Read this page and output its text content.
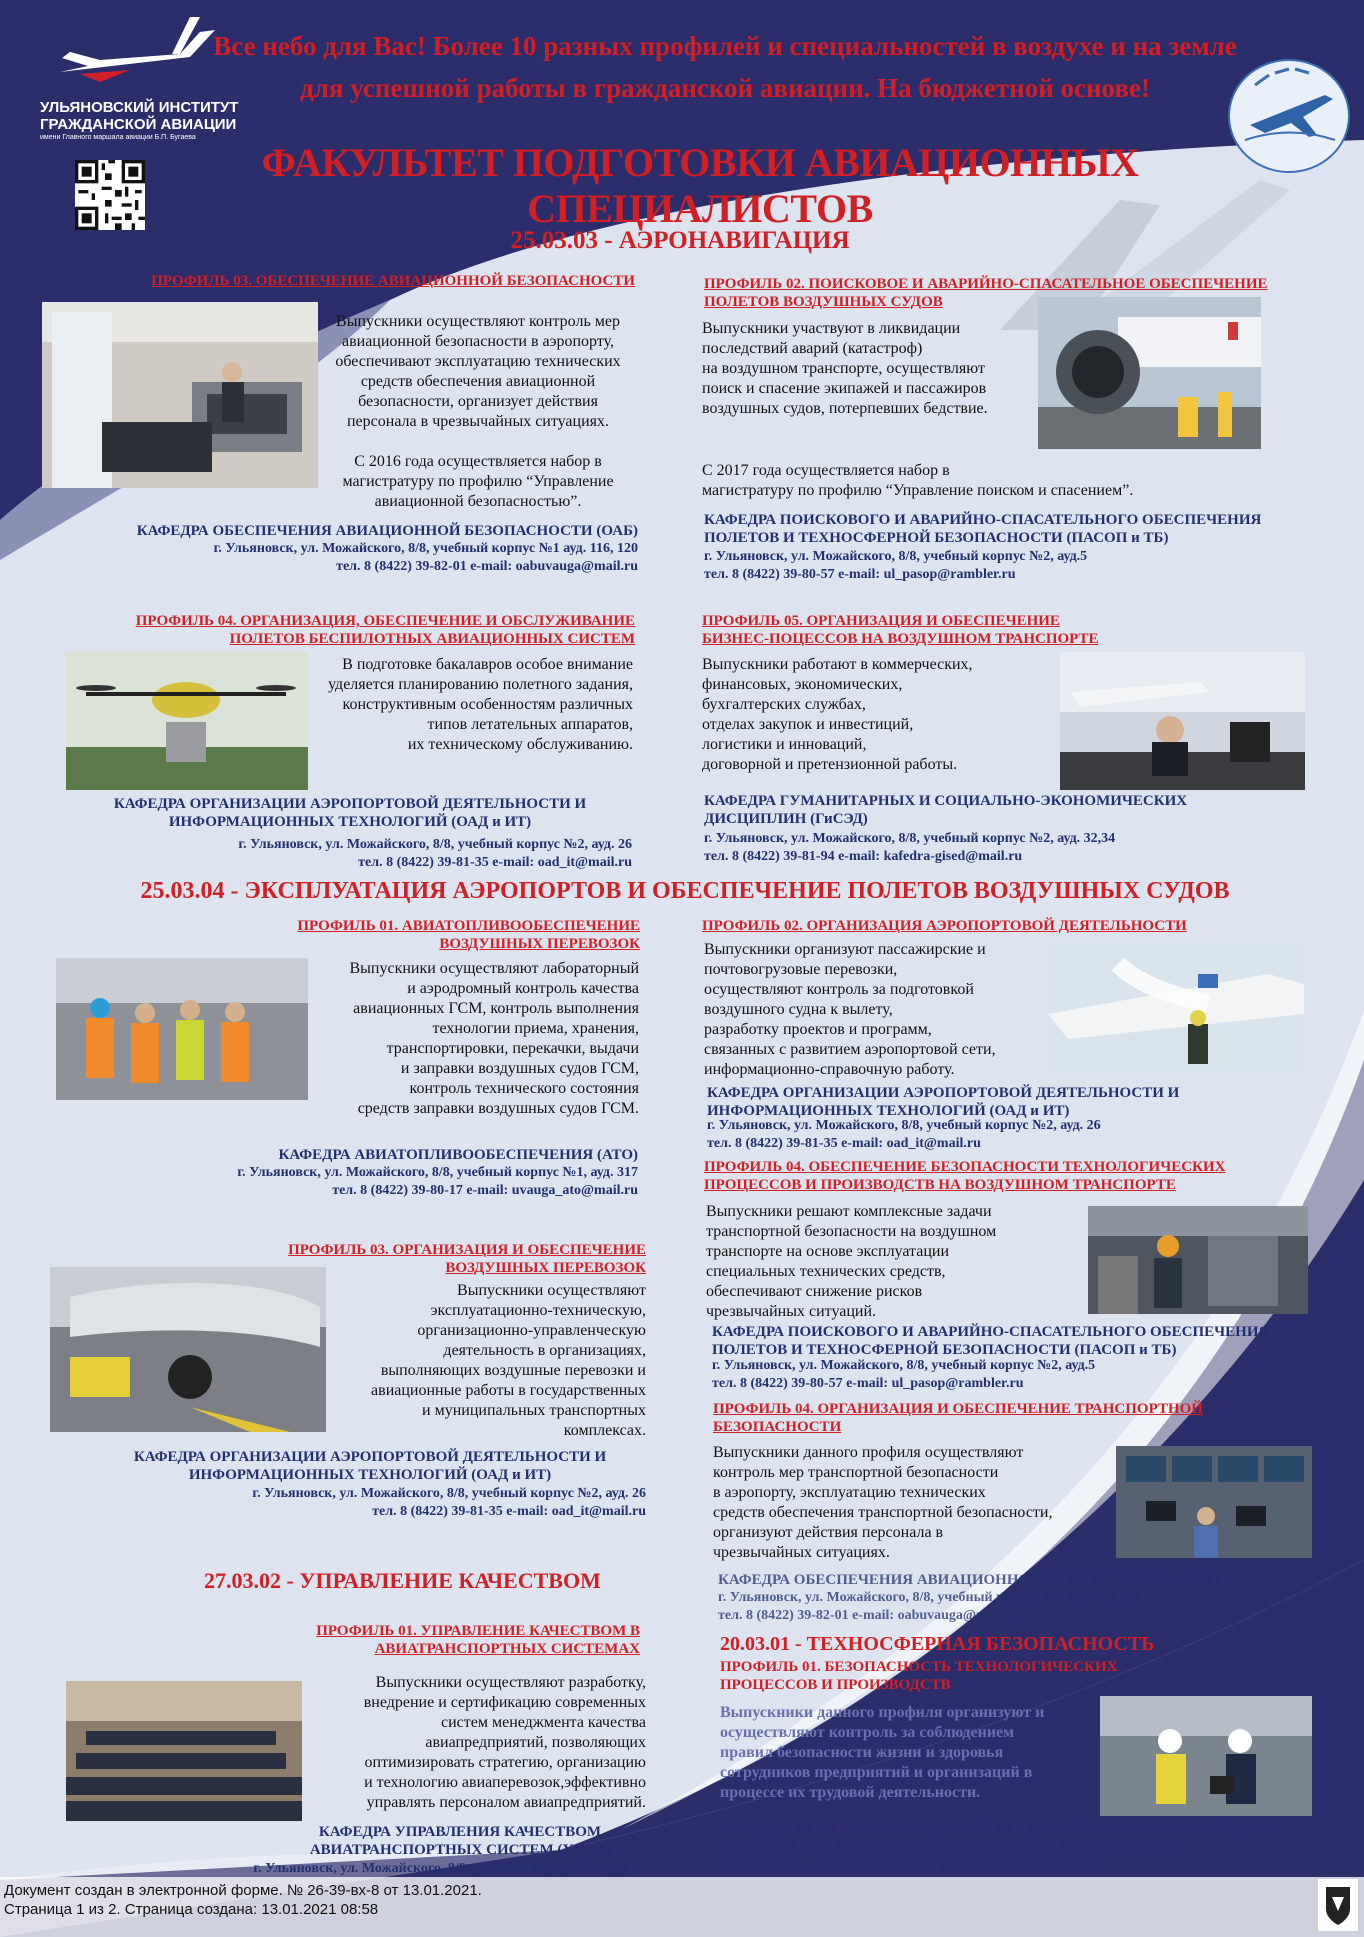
УЛЬЯНОВСКИЙ ИНСТИТУТ
ГРАЖДАНСКОЙ АВИАЦИИ
имени Главного маршала авиации Б.П. Бугаева
Все небо для Вас! Более 10 разных профилей и специальностей в воздухе и на земле
для успешной работы в гражданской авиации. На бюджетной основе!
ФАКУЛЬТЕТ ПОДГОТОВКИ АВИАЦИОННЫХ СПЕЦИАЛИСТОВ
25.03.03 - АЭРОНАВИГАЦИЯ
ПРОФИЛЬ 03. ОБЕСПЕЧЕНИЕ АВИАЦИОННОЙ БЕЗОПАСНОСТИ
Выпускники осуществляют контроль мер
авиационной безопасности в аэропорту,
обеспечивают эксплуатацию технических
средств обеспечения авиационной
безопасности, организует действия
персонала в чрезвычайных ситуациях.

С 2016 года осуществляется набор в
магистратуру по профилю “Управление
авиационной безопасностью”.
КАФЕДРА ОБЕСПЕЧЕНИЯ АВИАЦИОННОЙ БЕЗОПАСНОСТИ (ОАБ)
г. Ульяновск, ул. Можайского, 8/8, учебный корпус №1 ауд. 116, 120
тел. 8 (8422) 39-82-01 e-mail: oabuvauga@mail.ru
ПРОФИЛЬ 02. ПОИСКОВОЕ И АВАРИЙНО-СПАСАТЕЛЬНОЕ ОБЕСПЕЧЕНИЕ
ПОЛЕТОВ ВОЗДУШНЫХ СУДОВ
Выпускники участвуют в ликвидации
последствий аварий (катастроф)
на воздушном транспорте, осуществляют
поиск и спасение экипажей и пассажиров
воздушных судов, потерпевших бедствие.
С 2017 года осуществляется набор в
магистратуру по профилю “Управление поиском и спасением”.
КАФЕДРА ПОИСКОВОГО И АВАРИЙНО-СПАСАТЕЛЬНОГО ОБЕСПЕЧЕНИЯ
ПОЛЕТОВ И ТЕХНОСФЕРНОЙ БЕЗОПАСНОСТИ (ПАСОП и ТБ)
г. Ульяновск, ул. Можайского, 8/8, учебный корпус №2, ауд.5
тел. 8 (8422) 39-80-57 e-mail: ul_pasop@rambler.ru
ПРОФИЛЬ 04. ОРГАНИЗАЦИЯ, ОБЕСПЕЧЕНИЕ И ОБСЛУЖИВАНИЕ
ПОЛЕТОВ БЕСПИЛОТНЫХ АВИАЦИОННЫХ СИСТЕМ
В подготовке бакалавров особое внимание
уделяется планированию полетного задания,
конструктивным особенностям различных
типов летательных аппаратов,
их техническому обслуживанию.
КАФЕДРА ОРГАНИЗАЦИИ АЭРОПОРТОВОЙ ДЕЯТЕЛЬНОСТИ И
ИНФОРМАЦИОННЫХ ТЕХНОЛОГИЙ (ОАД и ИТ)
г. Ульяновск, ул. Можайского, 8/8, учебный корпус №2, ауд. 26
тел. 8 (8422) 39-81-35 e-mail: oad_it@mail.ru
ПРОФИЛЬ 05. ОРГАНИЗАЦИЯ И ОБЕСПЕЧЕНИЕ
БИЗНЕС-ПОЦЕССОВ НА ВОЗДУШНОМ ТРАНСПОРТЕ
Выпускники работают в коммерческих,
финансовых, экономических,
бухгалтерских службах,
отделах закупок и инвестиций,
логистики и инноваций,
договорной и претензионной работы.
КАФЕДРА ГУМАНИТАРНЫХ И СОЦИАЛЬНО-ЭКОНОМИЧЕСКИХ
ДИСЦИПЛИН (ГиСЭД)
г. Ульяновск, ул. Можайского, 8/8, учебный корпус №2, ауд. 32,34
тел. 8 (8422) 39-81-94 e-mail: kafedra-gised@mail.ru
25.03.04 - ЭКСПЛУАТАЦИЯ АЭРОПОРТОВ И ОБЕСПЕЧЕНИЕ ПОЛЕТОВ ВОЗДУШНЫХ СУДОВ
ПРОФИЛЬ 01. АВИАТОПЛИВООБЕСПЕЧЕНИЕ
ВОЗДУШНЫХ ПЕРЕВОЗОК
Выпускники осуществляют лабораторный
и аэродромный контроль качества
авиационных ГСМ, контроль выполнения
технологии приема, хранения,
транспортировки, перекачки, выдачи
и заправки воздушных судов ГСМ,
контроль технического состояния
средств заправки воздушных судов ГСМ.
КАФЕДРА АВИАТОПЛИВООБЕСПЕЧЕНИЯ (АТО)
г. Ульяновск, ул. Можайского, 8/8, учебный корпус №1, ауд. 317
тел. 8 (8422) 39-80-17 e-mail: uvauga_ato@mail.ru
ПРОФИЛЬ 02. ОРГАНИЗАЦИЯ АЭРОПОРТОВОЙ ДЕЯТЕЛЬНОСТИ
Выпускники организуют пассажирские и
почтовогрузовые перевозки,
осуществляют контроль за подготовкой
воздушного судна к вылету,
разработку проектов и программ,
связанных с развитием аэропортовой сети,
информационно-справочную работу.
КАФЕДРА ОРГАНИЗАЦИИ АЭРОПОРТОВОЙ ДЕЯТЕЛЬНОСТИ И
ИНФОРМАЦИОННЫХ ТЕХНОЛОГИЙ (ОАД и ИТ)
г. Ульяновск, ул. Можайского, 8/8, учебный корпус №2, ауд. 26
тел. 8 (8422) 39-81-35 e-mail: oad_it@mail.ru
ПРОФИЛЬ 04. ОБЕСПЕЧЕНИЕ БЕЗОПАСНОСТИ ТЕХНОЛОГИЧЕСКИХ
ПРОЦЕССОВ И ПРОИЗВОДСТВ НА ВОЗДУШНОМ ТРАНСПОРТЕ
Выпускники решают комплексные задачи
транспортной безопасности на воздушном
транспорте на основе эксплуатации
специальных технических средств,
обеспечивают снижение рисков
чрезвычайных ситуаций.
КАФЕДРА ПОИСКОВОГО И АВАРИЙНО-СПАСАТЕЛЬНОГО ОБЕСПЕЧЕНИЯ
ПОЛЕТОВ И ТЕХНОСФЕРНОЙ БЕЗОПАСНОСТИ (ПАСОП и ТБ)
г. Ульяновск, ул. Можайского, 8/8, учебный корпус №2, ауд.5
тел. 8 (8422) 39-80-57 e-mail: ul_pasop@rambler.ru
ПРОФИЛЬ 03. ОРГАНИЗАЦИЯ И ОБЕСПЕЧЕНИЕ
ВОЗДУШНЫХ ПЕРЕВОЗОК
Выпускники осуществляют
эксплуатационно-техническую,
организационно-управленческую
деятельность в организациях,
выполняющих воздушные перевозки и
авиационные работы в государственных
и муниципальных транспортных
комплексах.
КАФЕДРА ОРГАНИЗАЦИИ АЭРОПОРТОВОЙ ДЕЯТЕЛЬНОСТИ И
ИНФОРМАЦИОННЫХ ТЕХНОЛОГИЙ (ОАД и ИТ)
г. Ульяновск, ул. Можайского, 8/8, учебный корпус №2, ауд. 26
тел. 8 (8422) 39-81-35 e-mail: oad_it@mail.ru
ПРОФИЛЬ 04. ОРГАНИЗАЦИЯ И ОБЕСПЕЧЕНИЕ ТРАНСПОРТНОЙ
БЕЗОПАСНОСТИ
Выпускники данного профиля осуществляют
контроль мер транспортной безопасности
в аэропорту, эксплуатацию технических
средств обеспечения транспортной безопасности,
организуют действия персонала в
чрезвычайных ситуациях.
КАФЕДРА ОБЕСПЕЧЕНИЯ АВИАЦИОННОЙ БЕЗОПАСНОСТИ (ОАБ)
г. Ульяновск, ул. Можайского, 8/8, учебный корпус №1 ауд. 116, 120
тел. 8 (8422) 39-82-01 e-mail: oabuvauga@mail.ru
27.03.02 - УПРАВЛЕНИЕ КАЧЕСТВОМ
ПРОФИЛЬ 01. УПРАВЛЕНИЕ КАЧЕСТВОМ В
АВИАТРАНСПОРТНЫХ СИСТЕМАХ
Выпускники осуществляют разработку,
внедрение и сертификацию современных
систем менеджмента качества
авиапредприятий, позволяющих
оптимизировать стратегию, организацию
и технологию авиаперевозок,эффективно
управлять персоналом авиапредприятий.
КАФЕДРА УПРАВЛЕНИЯ КАЧЕСТВОМ
АВИАТРАНСПОРТНЫХ СИСТЕМ (УКАС)
г. Ульяновск, ул. Можайского, 8/8, учебный корпус №2, ауд. 5
20.03.01 - ТЕХНОСФЕРНАЯ БЕЗОПАСНОСТЬ
ПРОФИЛЬ 01. БЕЗОПАСНОСТЬ ТЕХНОЛОГИЧЕСКИХ
ПРОЦЕССОВ И ПРОИЗВОДСТВ
Выпускники данного профиля организуют и
осуществляют контроль за соблюдением
правил безопасности жизни и здоровья
сотрудников предприятий и организаций в
процессе их трудовой деятельности.
КАФЕДРА ПОИСКОВОГО И АВАРИЙНО-СПАСАТЕЛЬНОГО ОБЕСПЕЧЕНИЯ
ПОЛЕТОВ И ТЕХНОСФЕРНОЙ БЕЗОПАСНОСТИ (ПАСОП и ТБ)
г. Ульяновск, ул. Можайского, 8/8, учебный корпус №2, ауд.5

Документ создан в электронной форме. № 26-39-вх-8 от 13.01.2021.
Страница 1 из 2. Страница создана: 13.01.2021 08:58
